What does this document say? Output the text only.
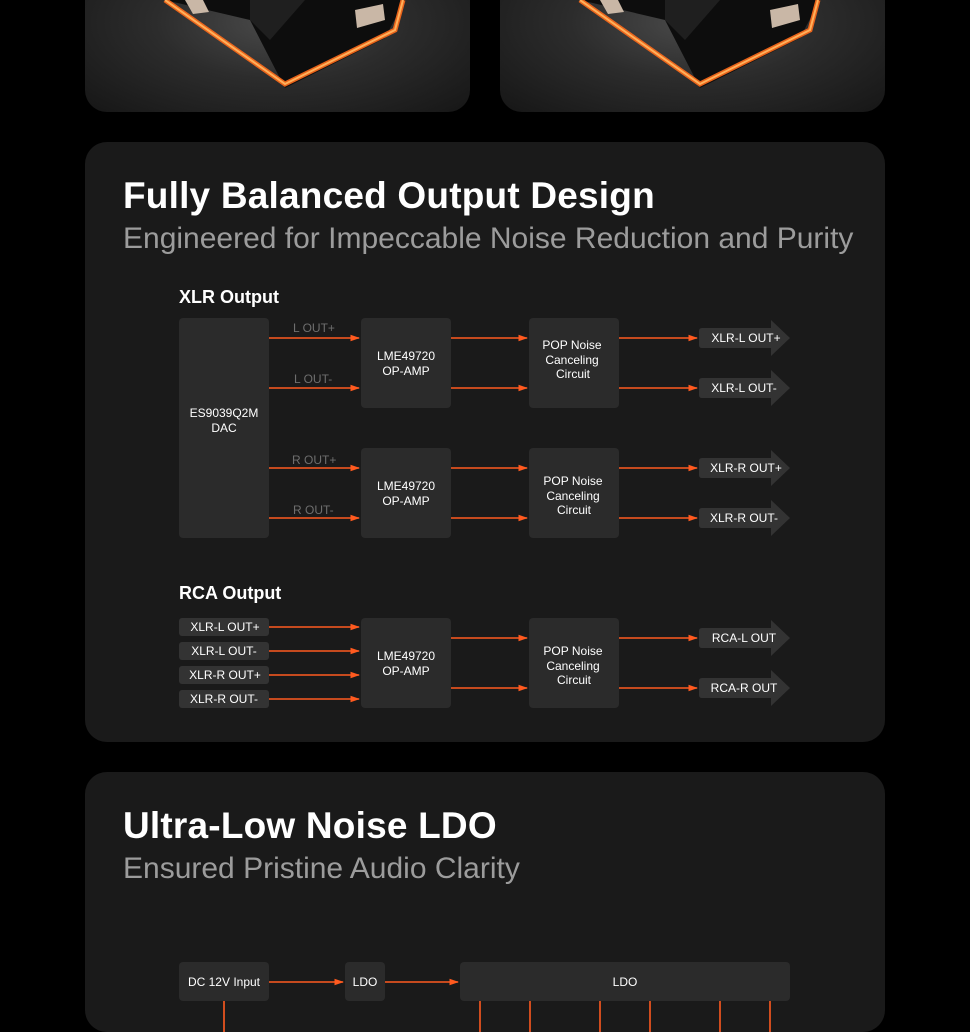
Fully Balanced Output Design

Engineered for Impeccable Noise Reduction and Purity

XLR Output
RCA Output
ES9039Q2M
DAC
LME49720
OP-AMP
LME49720
OP-AMP
POP Noise
Canceling
Circuit
POP Noise
Canceling
Circuit
L OUT+
L OUT-
R OUT+
R OUT-
XLR-L OUT+
XLR-L OUT-
XLR-R OUT+
XLR-R OUT-
XLR-L OUT+
XLR-L OUT-
XLR-R OUT+
XLR-R OUT-
LME49720
OP-AMP
POP Noise
Canceling
Circuit
RCA-L OUT
RCA-R OUT
Ultra-Low Noise LDO

Ensured Pristine Audio Clarity

DC 12V Input	LDO	LDO
